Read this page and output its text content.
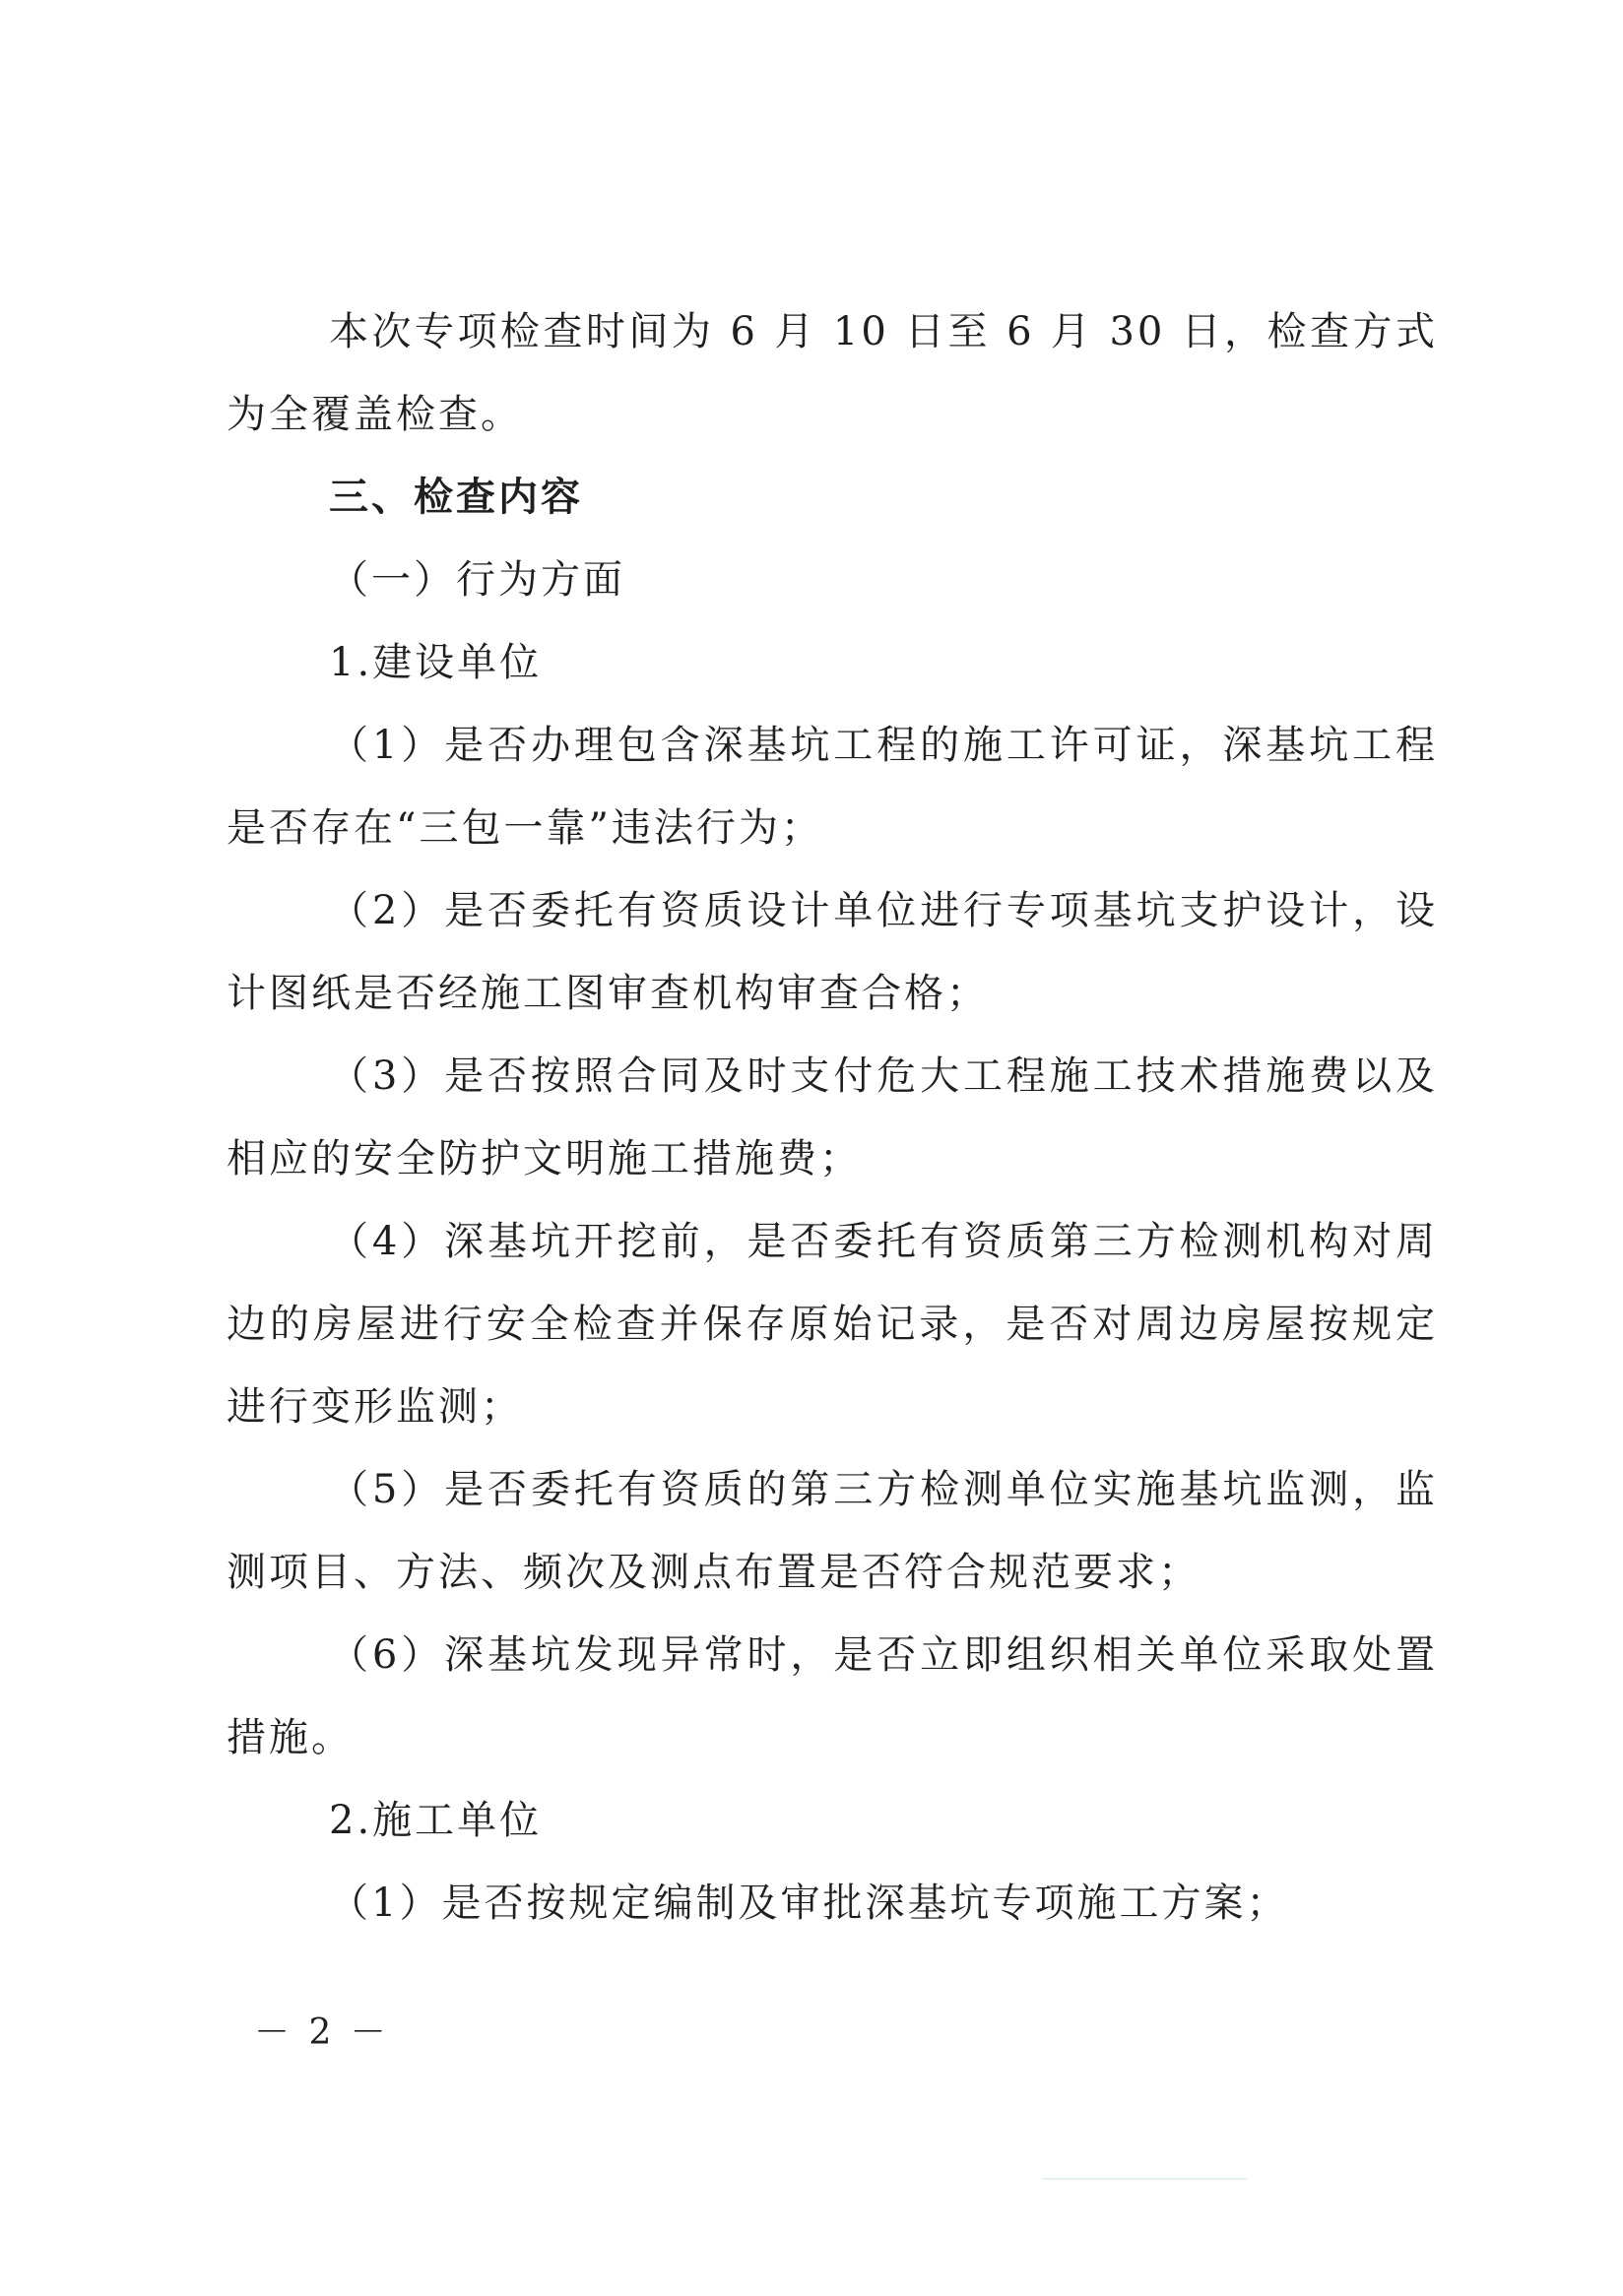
本次专项检查时间为 6 月 10 日至 6 月 30 日，检查方式为全覆盖检查。

三、检查内容

（一）行为方面

1.建设单位

（1）是否办理包含深基坑工程的施工许可证，深基坑工程是否存在“三包一靠”违法行为；

（2）是否委托有资质设计单位进行专项基坑支护设计，设计图纸是否经施工图审查机构审查合格；

（3）是否按照合同及时支付危大工程施工技术措施费以及相应的安全防护文明施工措施费；

（4）深基坑开挖前，是否委托有资质第三方检测机构对周边的房屋进行安全检查并保存原始记录，是否对周边房屋按规定进行变形监测；

（5）是否委托有资质的第三方检测单位实施基坑监测，监测项目、方法、频次及测点布置是否符合规范要求；

（6）深基坑发现异常时，是否立即组织相关单位采取处置措施。

2.施工单位

（1）是否按规定编制及审批深基坑专项施工方案；

－ 2 －
